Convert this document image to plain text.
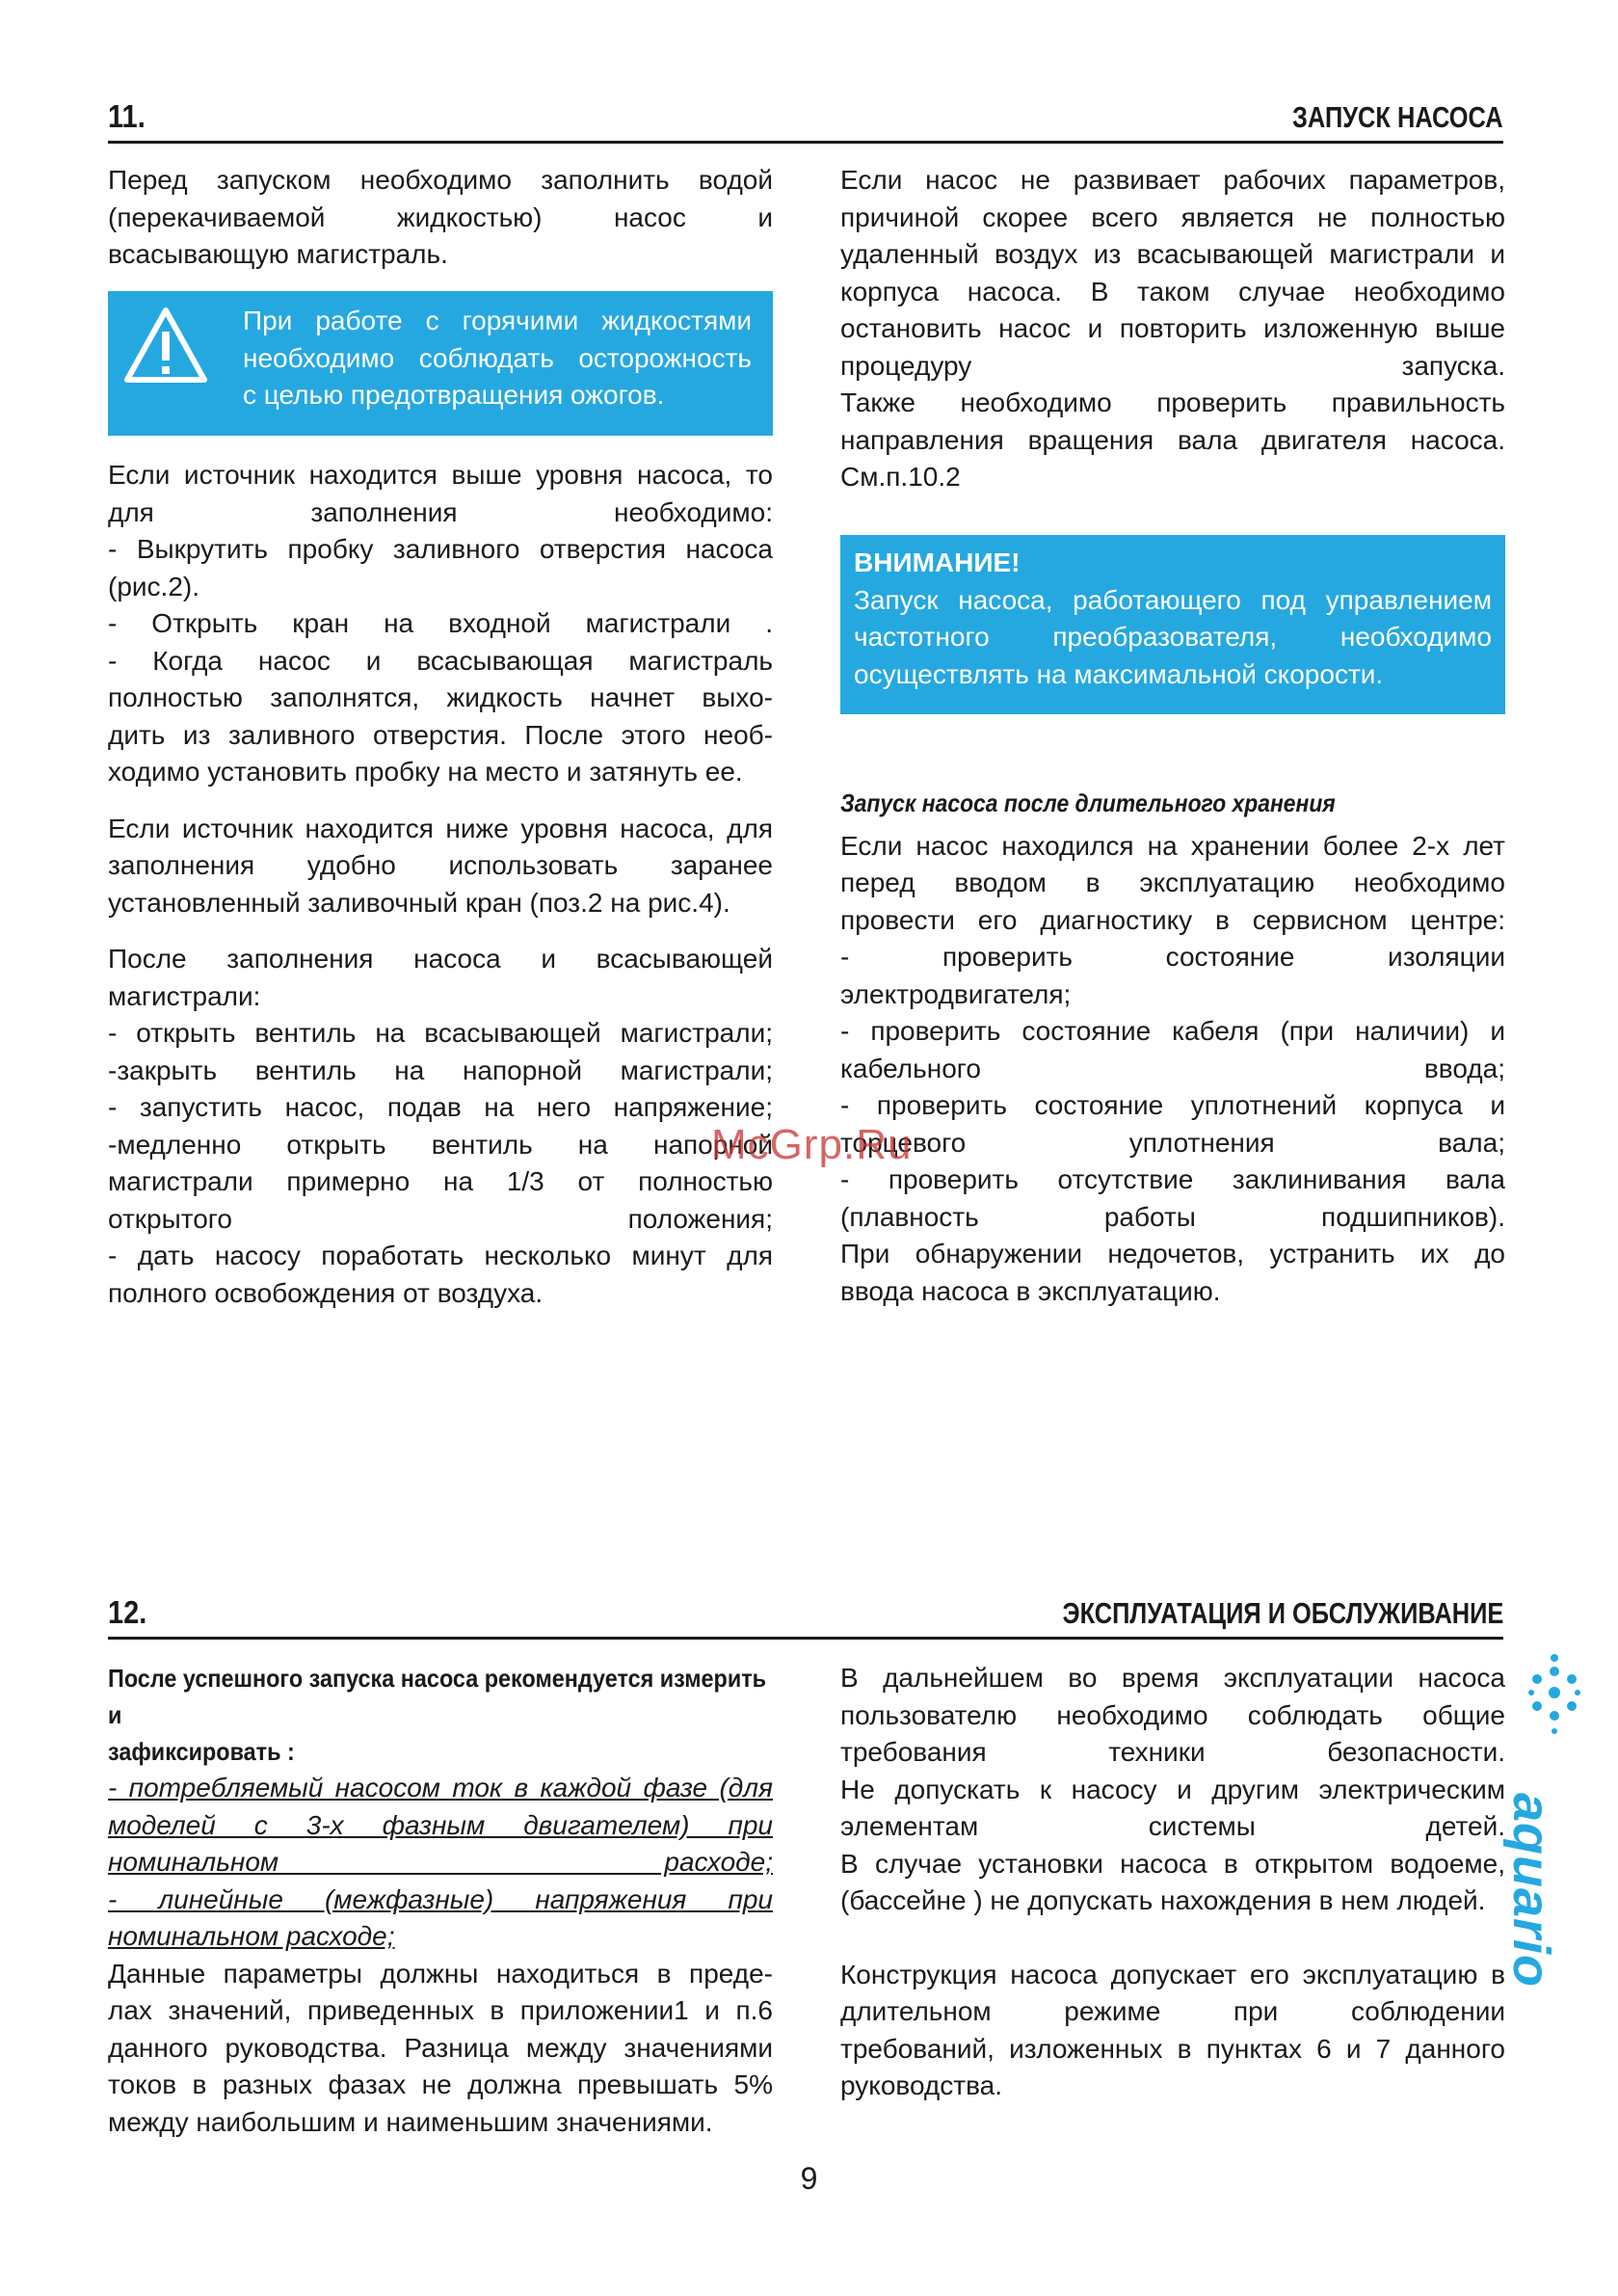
11.	ЗАПУСК НАСОСА

Перед запуском необходимо заполнить водой

(перекачиваемой жидкостью) насос и

всасывающую магистраль.

При работе с горячими жидкостями

необходимо соблюдать осторожность

с целью предотвращения ожогов.

Если источник находится выше уровня насоса, то

для заполнения необходимо:

- Выкрутить пробку заливного отверстия насоса

(рис.2).

- Открыть кран на входной магистрали .

- Когда насос и всасывающая магистраль

полностью заполнятся, жидкость начнет выхо-

дить из заливного отверстия. После этого необ-

ходимо установить пробку на место и затянуть ее.

Если источник находится ниже уровня насоса, для

заполнения удобно использовать заранее

установленный заливочный кран (поз.2 на рис.4).

После заполнения насоса и всасывающей

магистрали:

- открыть вентиль на всасывающей магистрали;

-закрыть вентиль на напорной магистрали;

- запустить насос, подав на него напряжение;

-медленно открыть вентиль на напорной

магистрали примерно на 1/3 от полностью

открытого положения;

- дать насосу поработать несколько минут для

полного освобождения от воздуха.

Если насос не развивает рабочих параметров,

причиной скорее всего является не полностью

удаленный воздух из всасывающей магистрали и

корпуса насоса. В таком случае необходимо

остановить насос и повторить изложенную выше

процедуру запуска.

Также необходимо проверить правильность

направления вращения вала двигателя насоса.

См.п.10.2

ВНИМАНИЕ!

Запуск насоса, работающего под управлением

частотного преобразователя, необходимо

осуществлять на максимальной скорости.

Запуск насоса после длительного хранения

Если насос находился на хранении более 2-х лет

перед вводом в эксплуатацию необходимо

провести его диагностику в сервисном центре:

- проверить состояние изоляции

электродвигателя;

- проверить состояние кабеля (при наличии) и

кабельного ввода;

- проверить состояние уплотнений корпуса и

торцевого уплотнения вала;

- проверить отсутствие заклинивания вала

(плавность работы подшипников).

При обнаружении недочетов, устранить их до

ввода насоса в эксплуатацию.

12.	ЭКСПЛУАТАЦИЯ И ОБСЛУЖИВАНИЕ

После успешного запуска насоса рекомендуется измерить и

зафиксировать :

- потребляемый насосом ток в каждой фазе (для

моделей с 3-х фазным двигателем) при

номинальном расходе;

- линейные (межфазные) напряжения при

номинальном расходе;

Данные параметры должны находиться в преде-

лах значений, приведенных в приложении1 и п.6

данного руководства. Разница между значениями

токов в разных фазах не должна превышать 5%

между наибольшим и наименьшим значениями.

В дальнейшем во время эксплуатации насоса

пользователю необходимо соблюдать общие

требования техники безопасности.

Не допускать к насосу и другим электрическим

элементам системы детей.

В случае установки насоса в открытом водоеме,

(бассейне ) не допускать нахождения в нем людей.

Конструкция насоса допускает его эксплуатацию в

длительном режиме при соблюдении

требований, изложенных в пунктах 6 и 7 данного

руководства.

McGrp.Ru
aquario
9
